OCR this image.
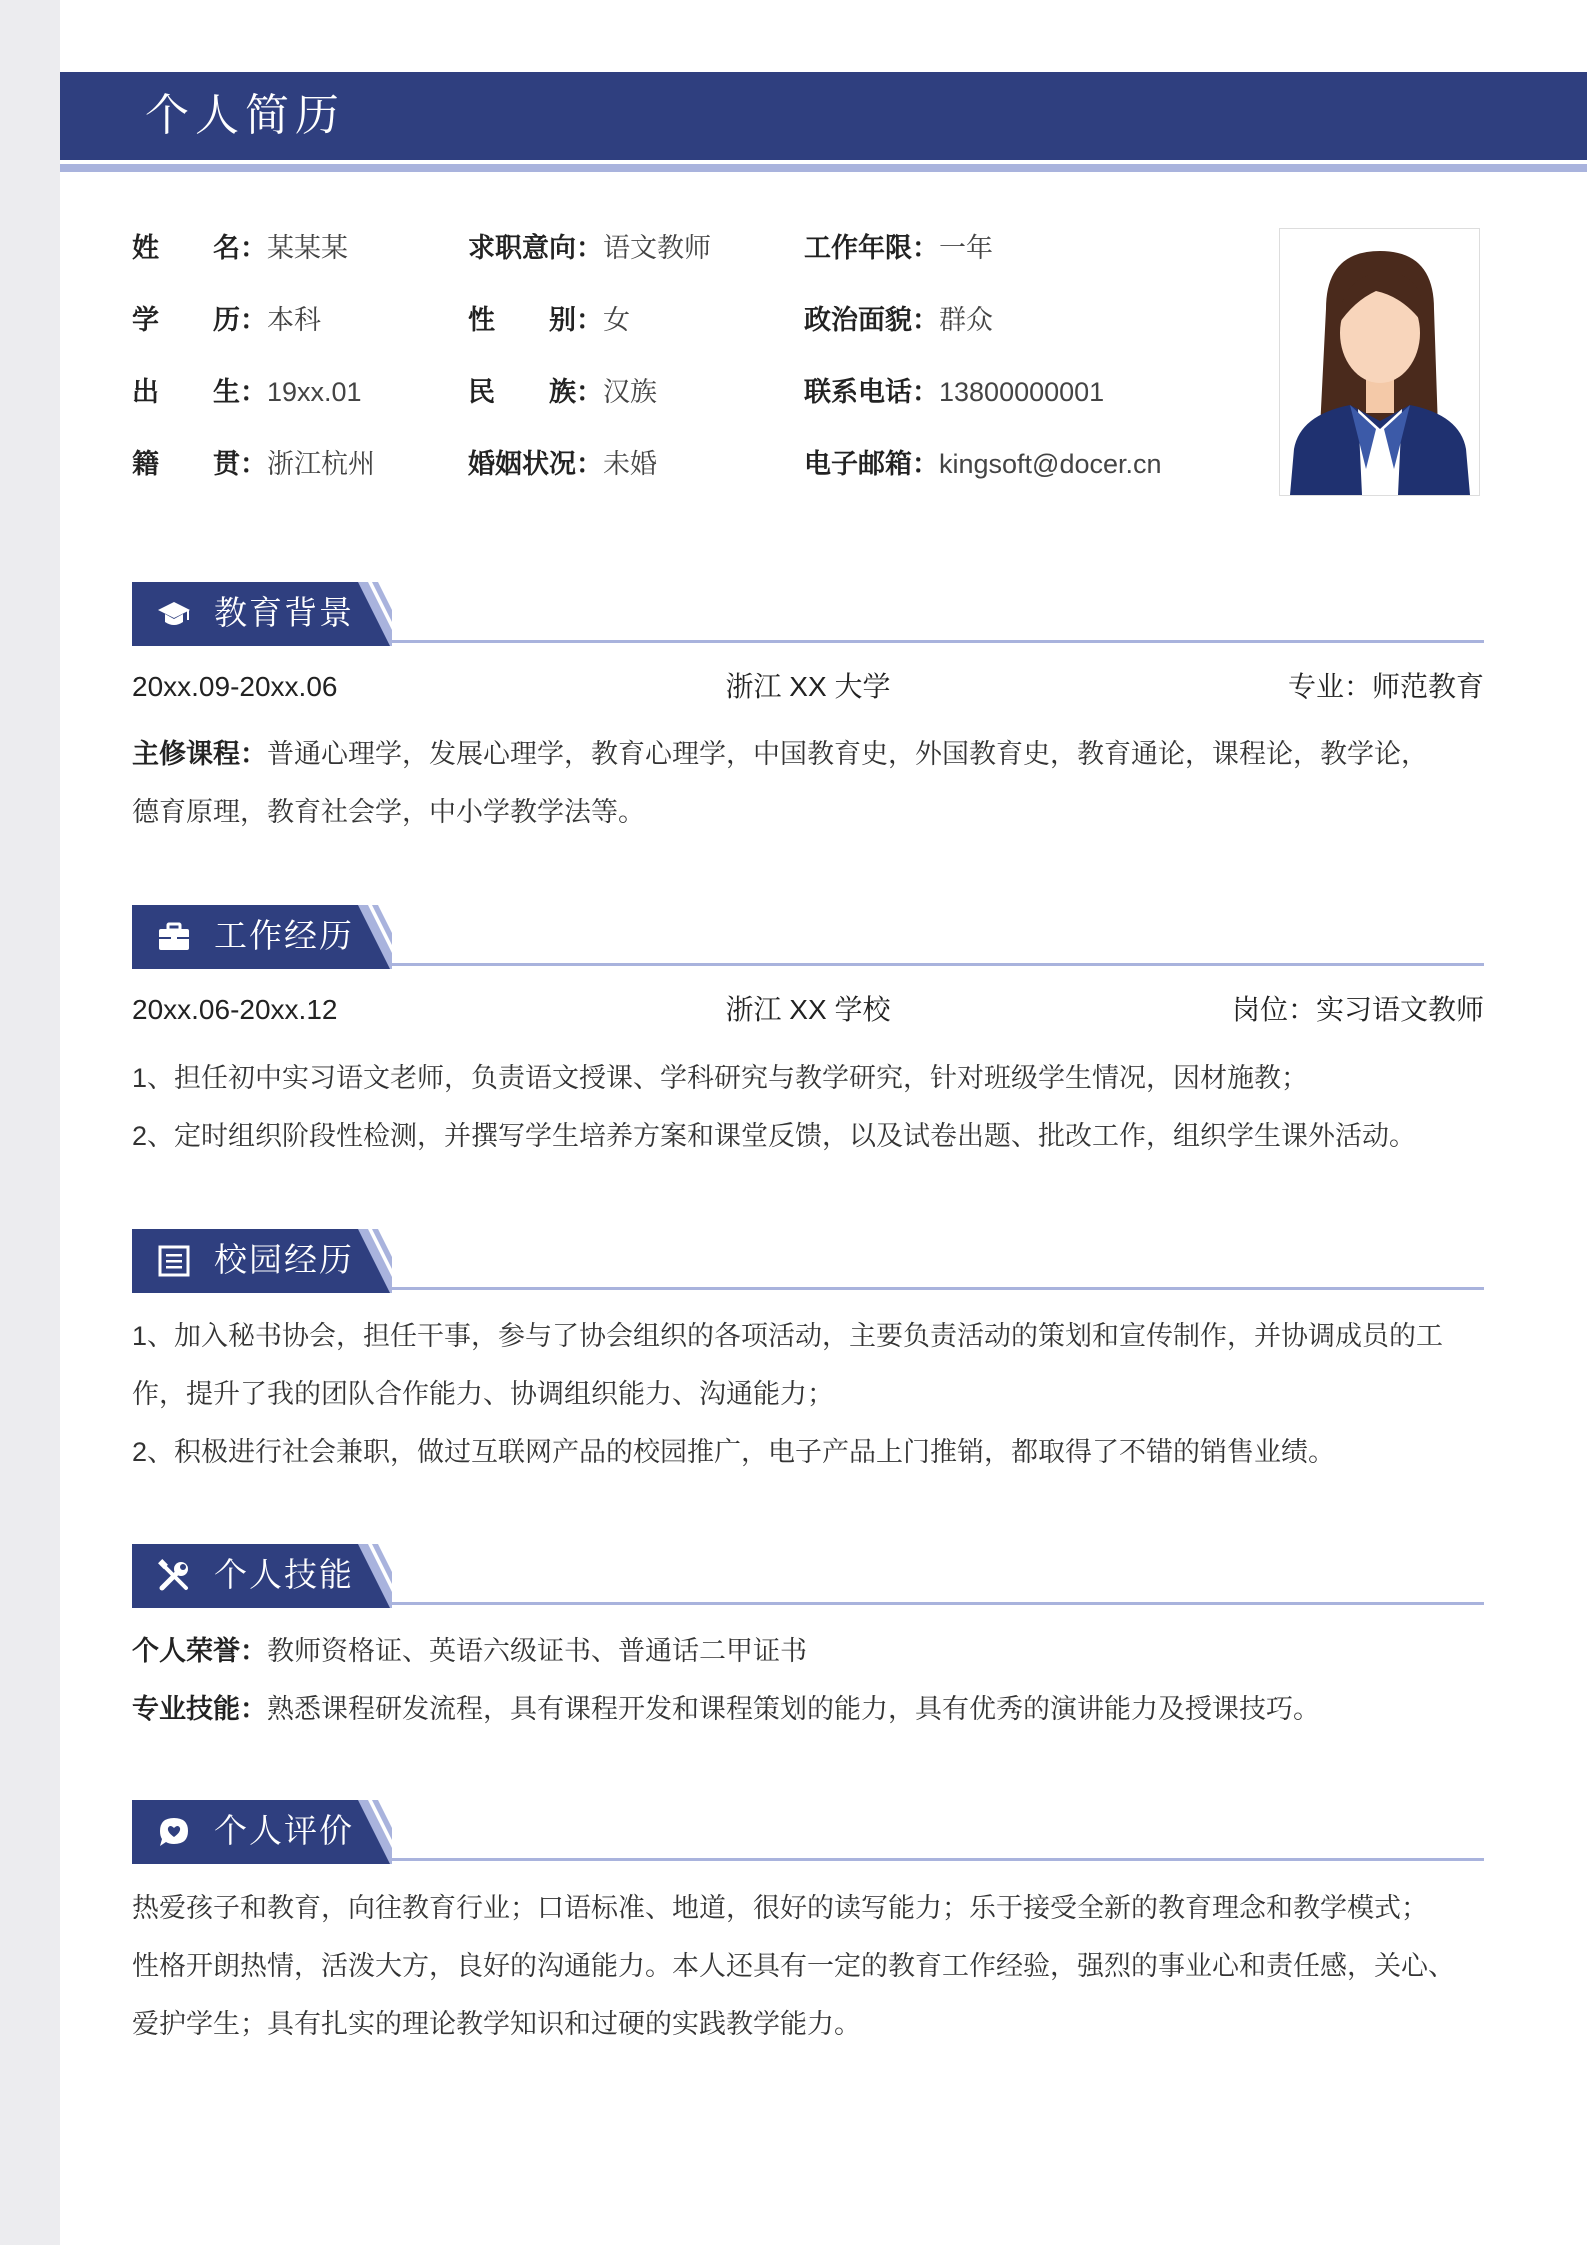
个人简历
姓　　名：某某某	求职意向：语文教师	工作年限：一年
学　　历：本科	性　　别：女	政治面貌：群众
出　　生：19xx.01	民　　族：汉族	联系电话：13800000001
籍　　贯：浙江杭州	婚姻状况：未婚	电子邮箱：kingsoft@docer.cn
教育背景
20xx.09-20xx.06	浙江 XX 大学	专业：师范教育
主修课程：普通心理学，发展心理学，教育心理学，中国教育史，外国教育史，教育通论，课程论，教学论，
德育原理，教育社会学，中小学教学法等。
工作经历
20xx.06-20xx.12	浙江 XX 学校	岗位：实习语文教师
1、担任初中实习语文老师，负责语文授课、学科研究与教学研究，针对班级学生情况，因材施教；
2、定时组织阶段性检测，并撰写学生培养方案和课堂反馈，以及试卷出题、批改工作，组织学生课外活动。
校园经历
1、加入秘书协会，担任干事，参与了协会组织的各项活动，主要负责活动的策划和宣传制作，并协调成员的工
作，提升了我的团队合作能力、协调组织能力、沟通能力；
2、积极进行社会兼职，做过互联网产品的校园推广，电子产品上门推销，都取得了不错的销售业绩。
个人技能
个人荣誉：教师资格证、英语六级证书、普通话二甲证书
专业技能：熟悉课程研发流程，具有课程开发和课程策划的能力，具有优秀的演讲能力及授课技巧。
个人评价
热爱孩子和教育，向往教育行业；口语标准、地道，很好的读写能力；乐于接受全新的教育理念和教学模式；
性格开朗热情，活泼大方，良好的沟通能力。本人还具有一定的教育工作经验，强烈的事业心和责任感，关心、
爱护学生；具有扎实的理论教学知识和过硬的实践教学能力。
